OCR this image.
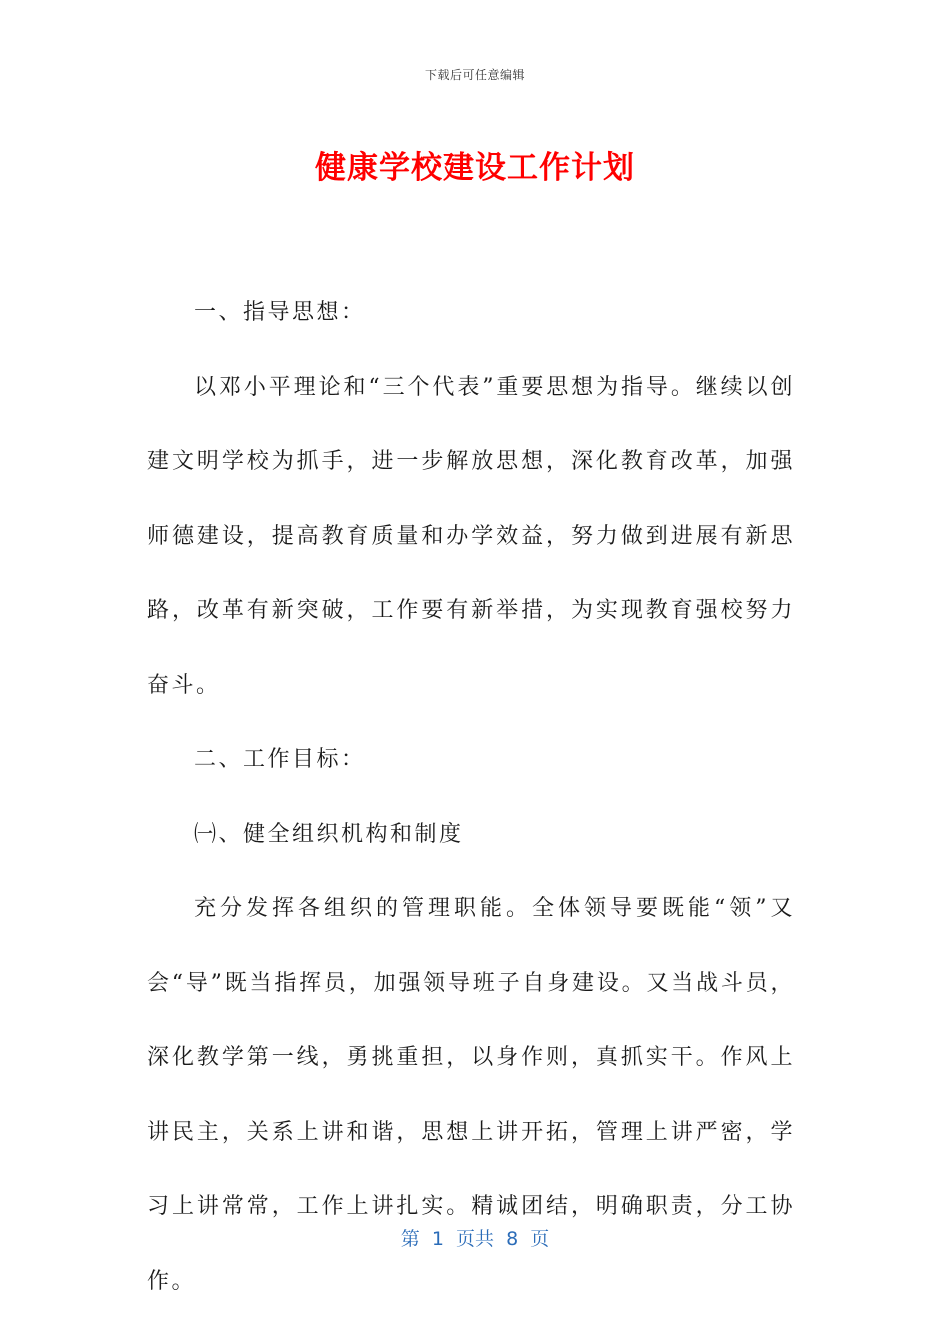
下载后可任意编辑
健康学校建设工作计划

一、指导思想：

以邓小平理论和“三个代表”重要思想为指导。继续以创建文明学校为抓手，进一步解放思想，深化教育改革，加强师德建设，提高教育质量和办学效益，努力做到进展有新思路，改革有新突破，工作要有新举措，为实现教育强校努力奋斗。

二、工作目标：

㈠、健全组织机构和制度

充分发挥各组织的管理职能。全体领导要既能“领”又会“导”既当指挥员，加强领导班子自身建设。又当战斗员，深化教学第一线，勇挑重担，以身作则，真抓实干。作风上讲民主，关系上讲和谐，思想上讲开拓，管理上讲严密，学习上讲常常，工作上讲扎实。精诚团结，明确职责，分工协作。

第  1  页共  8  页
